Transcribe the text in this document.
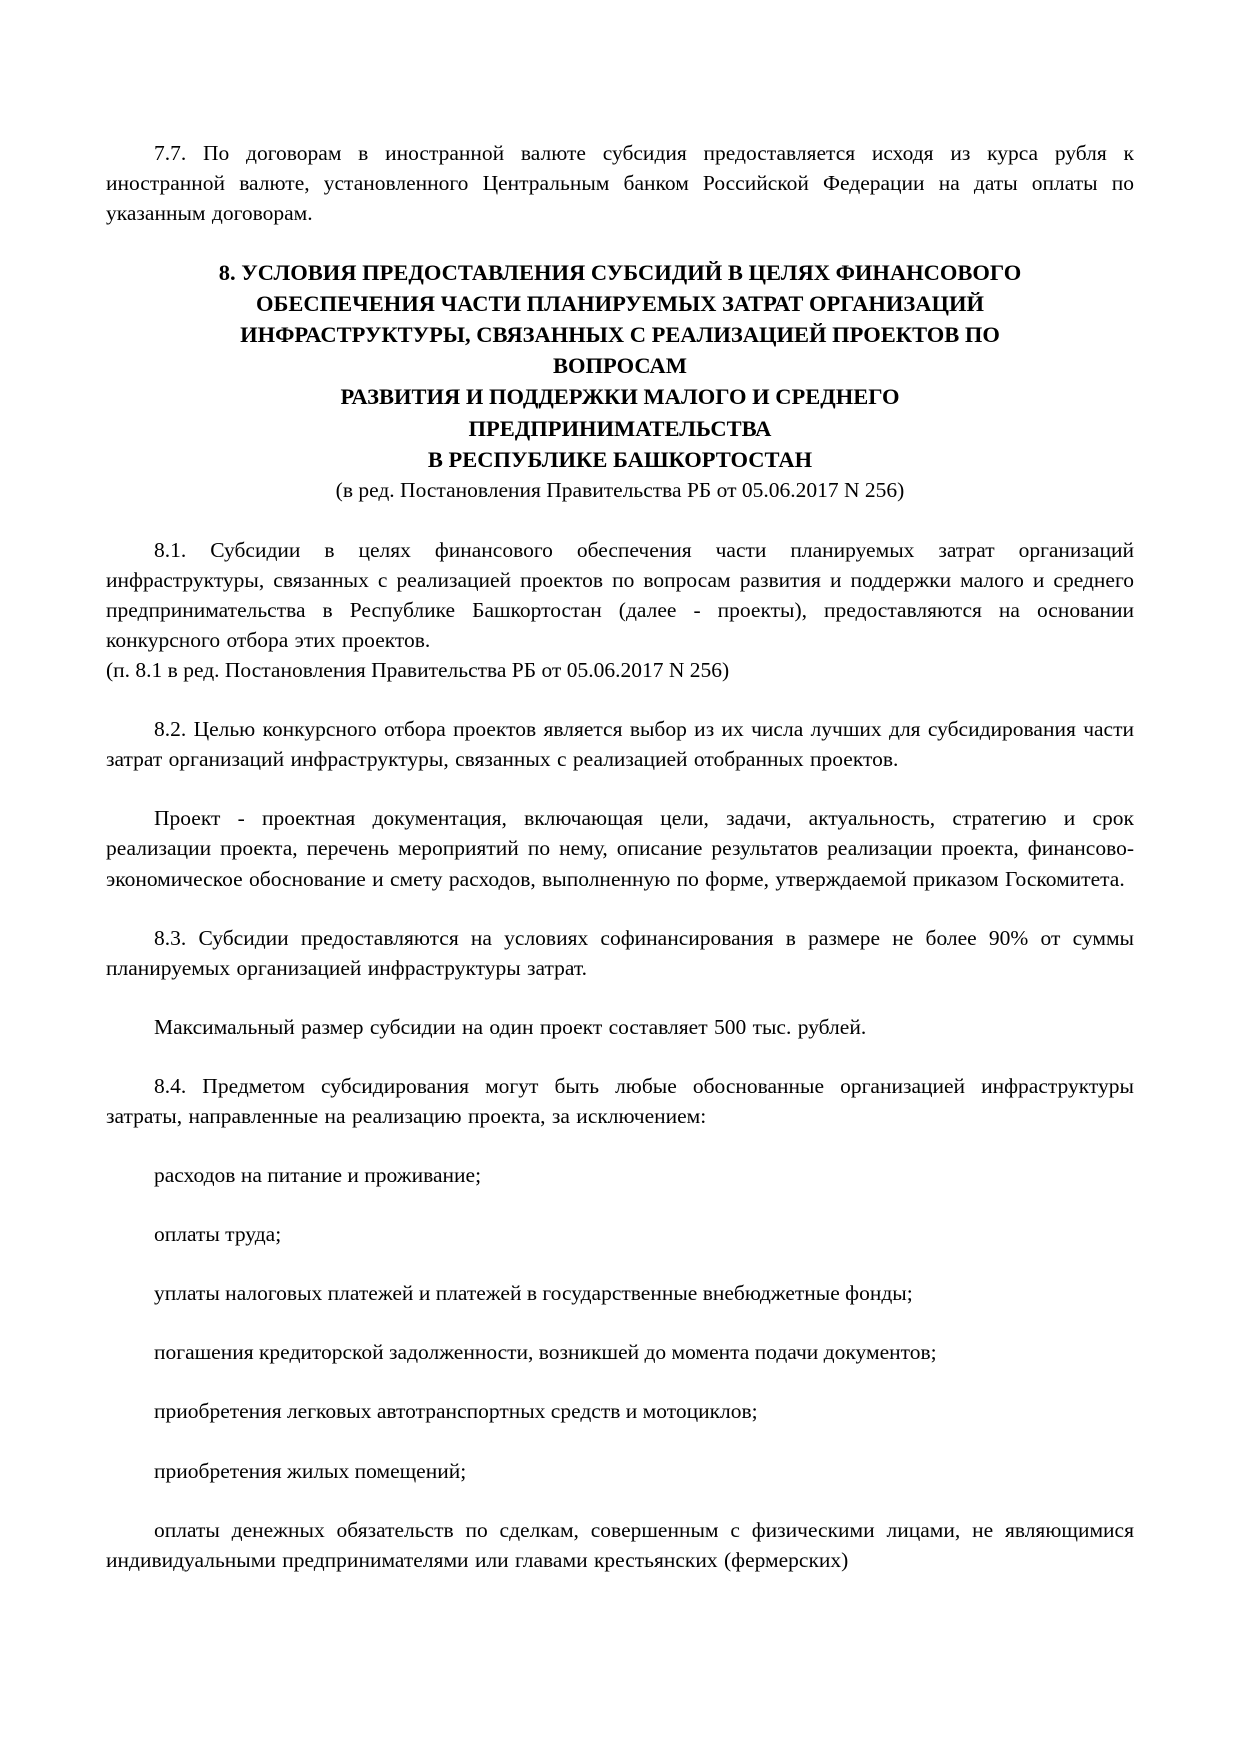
7.7. По договорам в иностранной валюте субсидия предоставляется исходя из курса рубля к иностранной валюте, установленного Центральным банком Российской Федерации на даты оплаты по указанным договорам.

8. УСЛОВИЯ ПРЕДОСТАВЛЕНИЯ СУБСИДИЙ В ЦЕЛЯХ ФИНАНСОВОГО
ОБЕСПЕЧЕНИЯ ЧАСТИ ПЛАНИРУЕМЫХ ЗАТРАТ ОРГАНИЗАЦИЙ
ИНФРАСТРУКТУРЫ, СВЯЗАННЫХ С РЕАЛИЗАЦИЕЙ ПРОЕКТОВ ПО
ВОПРОСАМ
РАЗВИТИЯ И ПОДДЕРЖКИ МАЛОГО И СРЕДНЕГО
ПРЕДПРИНИМАТЕЛЬСТВА
В РЕСПУБЛИКЕ БАШКОРТОСТАН

(в ред. Постановления Правительства РБ от 05.06.2017 N 256)

8.1. Субсидии в целях финансового обеспечения части планируемых затрат организаций инфраструктуры, связанных с реализацией проектов по вопросам развития и поддержки малого и среднего предпринимательства в Республике Башкортостан (далее - проекты), предоставляются на основании конкурсного отбора этих проектов.

(п. 8.1 в ред. Постановления Правительства РБ от 05.06.2017 N 256)

8.2. Целью конкурсного отбора проектов является выбор из их числа лучших для субсидирования части затрат организаций инфраструктуры, связанных с реализацией отобранных проектов.

Проект - проектная документация, включающая цели, задачи, актуальность, стратегию и срок реализации проекта, перечень мероприятий по нему, описание результатов реализации проекта, финансово-экономическое обоснование и смету расходов, выполненную по форме, утверждаемой приказом Госкомитета.

8.3. Субсидии предоставляются на условиях софинансирования в размере не более 90% от суммы планируемых организацией инфраструктуры затрат.

Максимальный размер субсидии на один проект составляет 500 тыс. рублей.

8.4. Предметом субсидирования могут быть любые обоснованные организацией инфраструктуры затраты, направленные на реализацию проекта, за исключением:

расходов на питание и проживание;

оплаты труда;

уплаты налоговых платежей и платежей в государственные внебюджетные фонды;

погашения кредиторской задолженности, возникшей до момента подачи документов;

приобретения легковых автотранспортных средств и мотоциклов;

приобретения жилых помещений;

оплаты денежных обязательств по сделкам, совершенным с физическими лицами, не являющимися индивидуальными предпринимателями или главами крестьянских (фермерских)
